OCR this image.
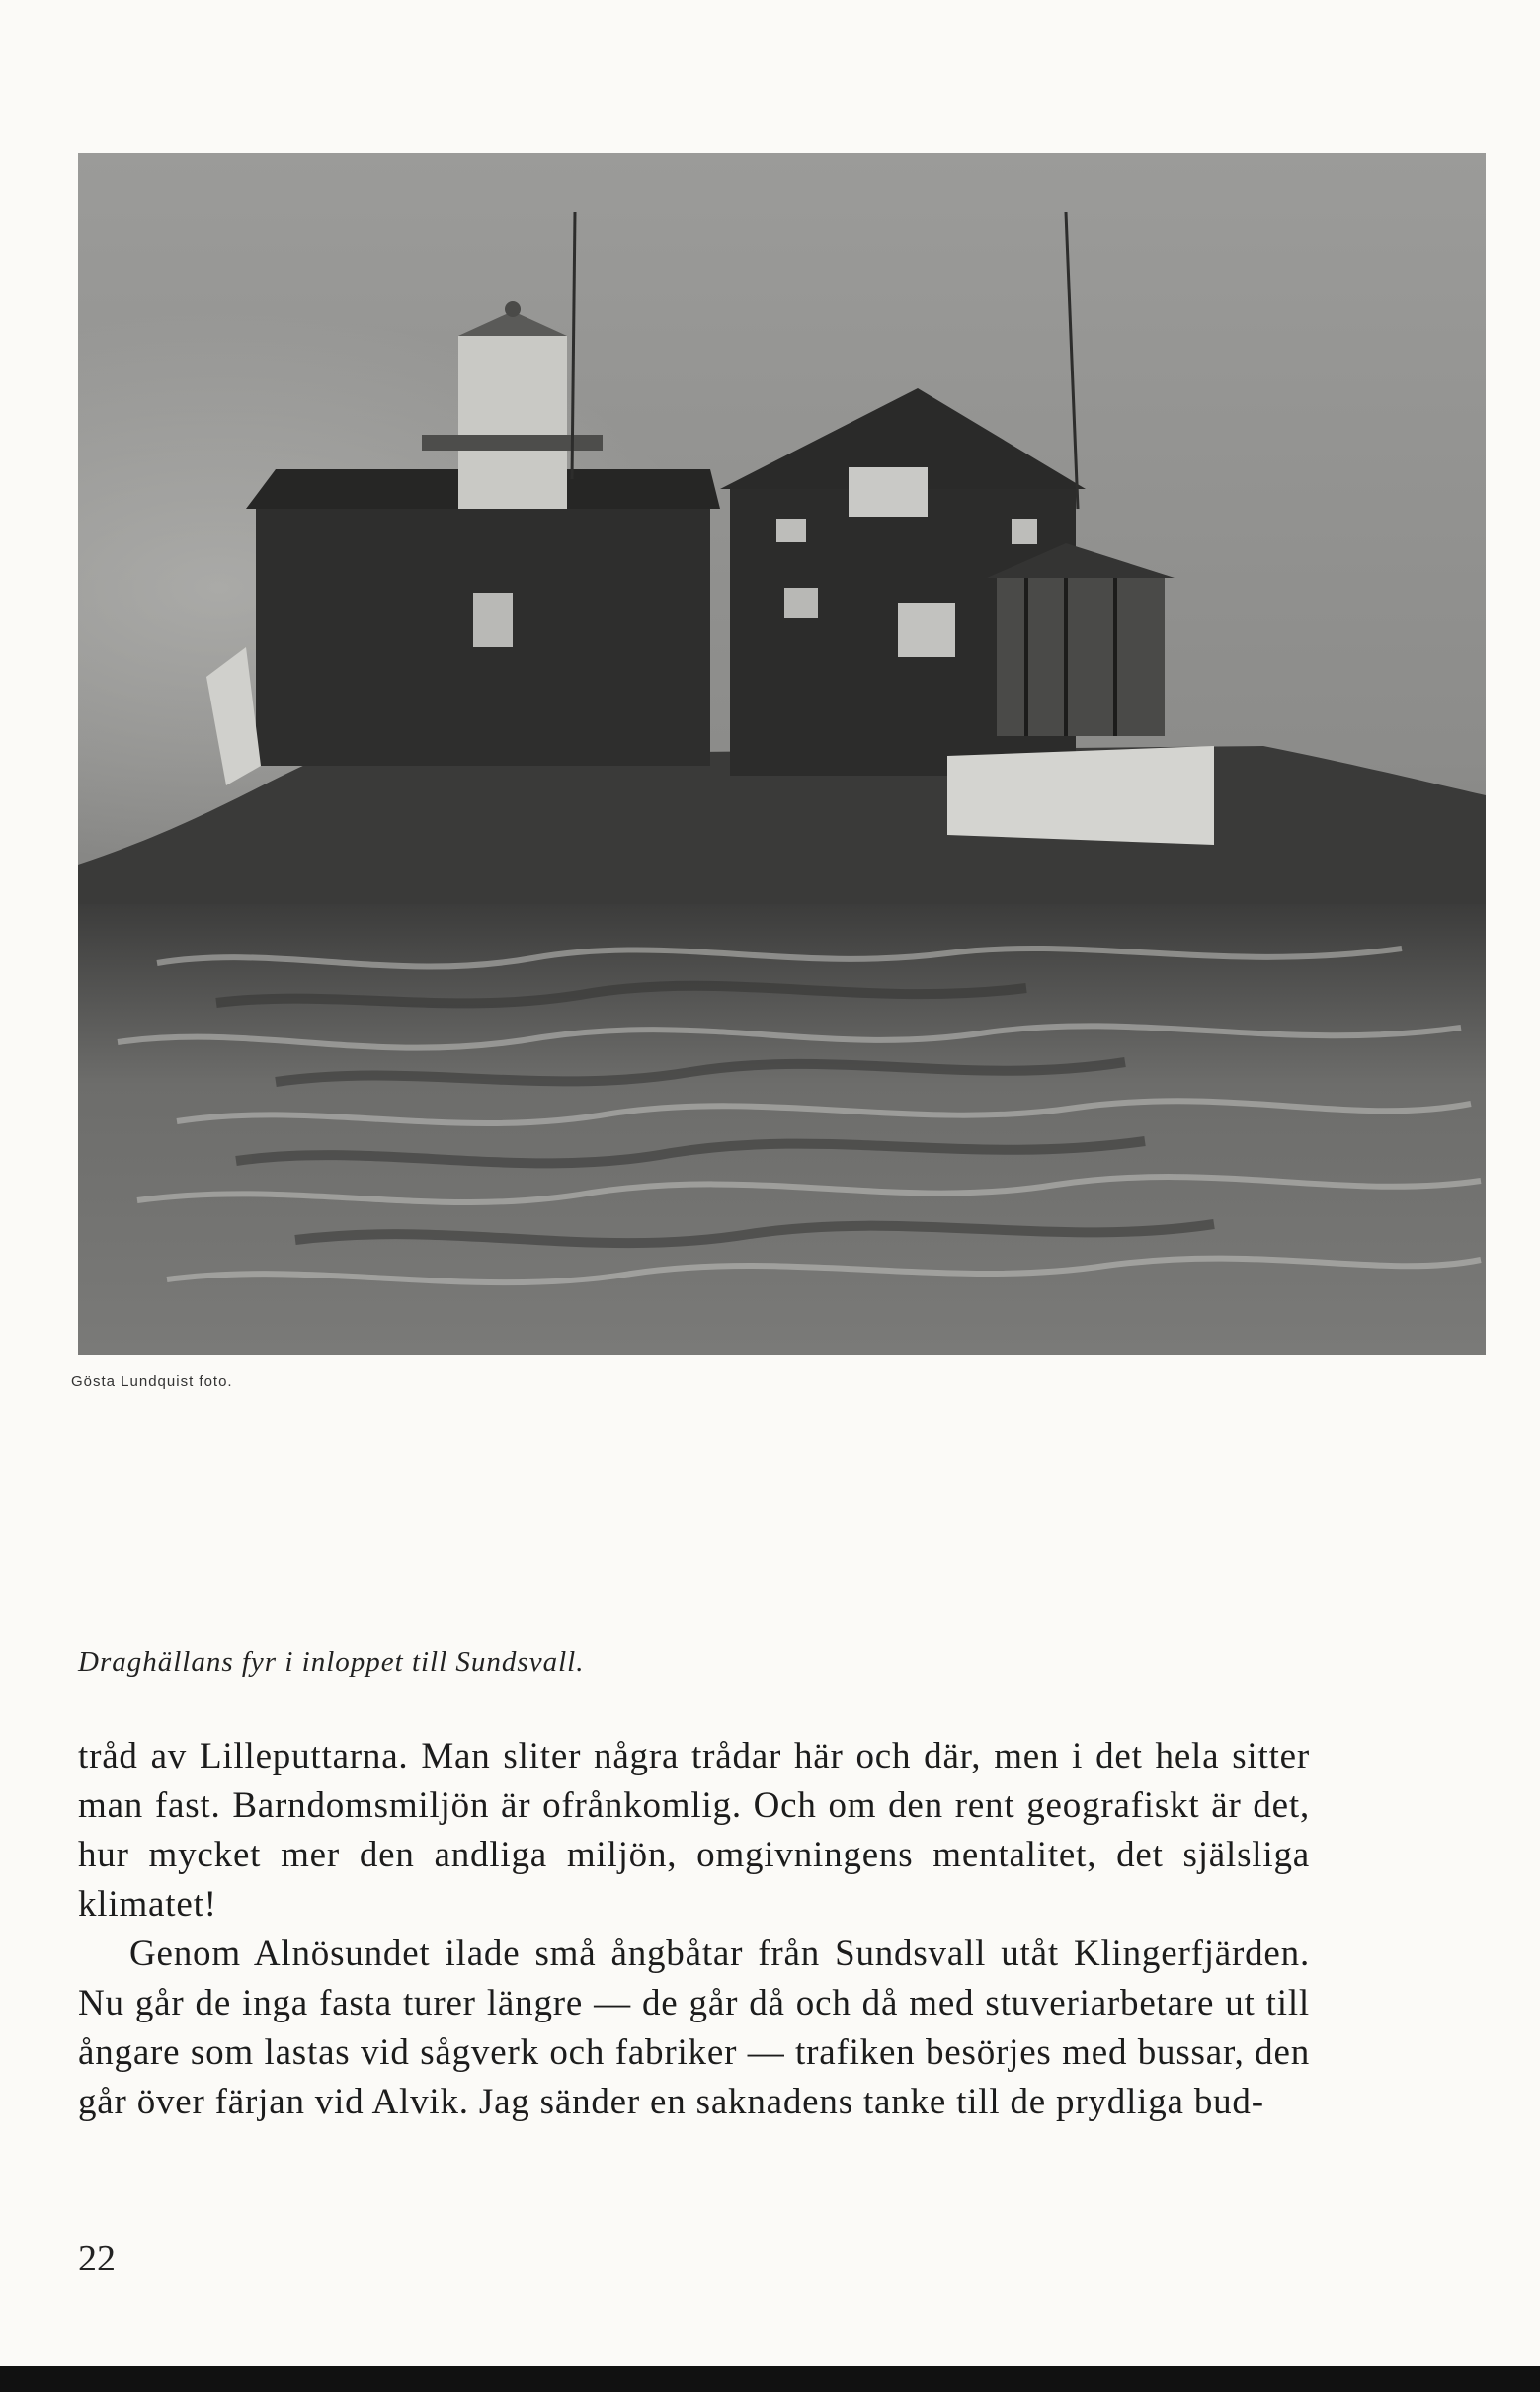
Gösta Lundquist foto.
Draghällans fyr i inloppet till Sundsvall.

tråd av Lilleputtarna. Man sliter några trådar här och där, men i det hela sitter man fast. Barndomsmiljön är ofrånkomlig. Och om den rent geografiskt är det, hur mycket mer den andliga miljön, omgivningens mentalitet, det själsliga klimatet!

Genom Alnösundet ilade små ångbåtar från Sundsvall utåt Klingerfjärden. Nu går de inga fasta turer längre — de går då och då med stuveriarbetare ut till ångare som lastas vid sågverk och fabriker — trafiken besörjes med bussar, den går över färjan vid Alvik. Jag sänder en saknadens tanke till de prydliga bud-

22
